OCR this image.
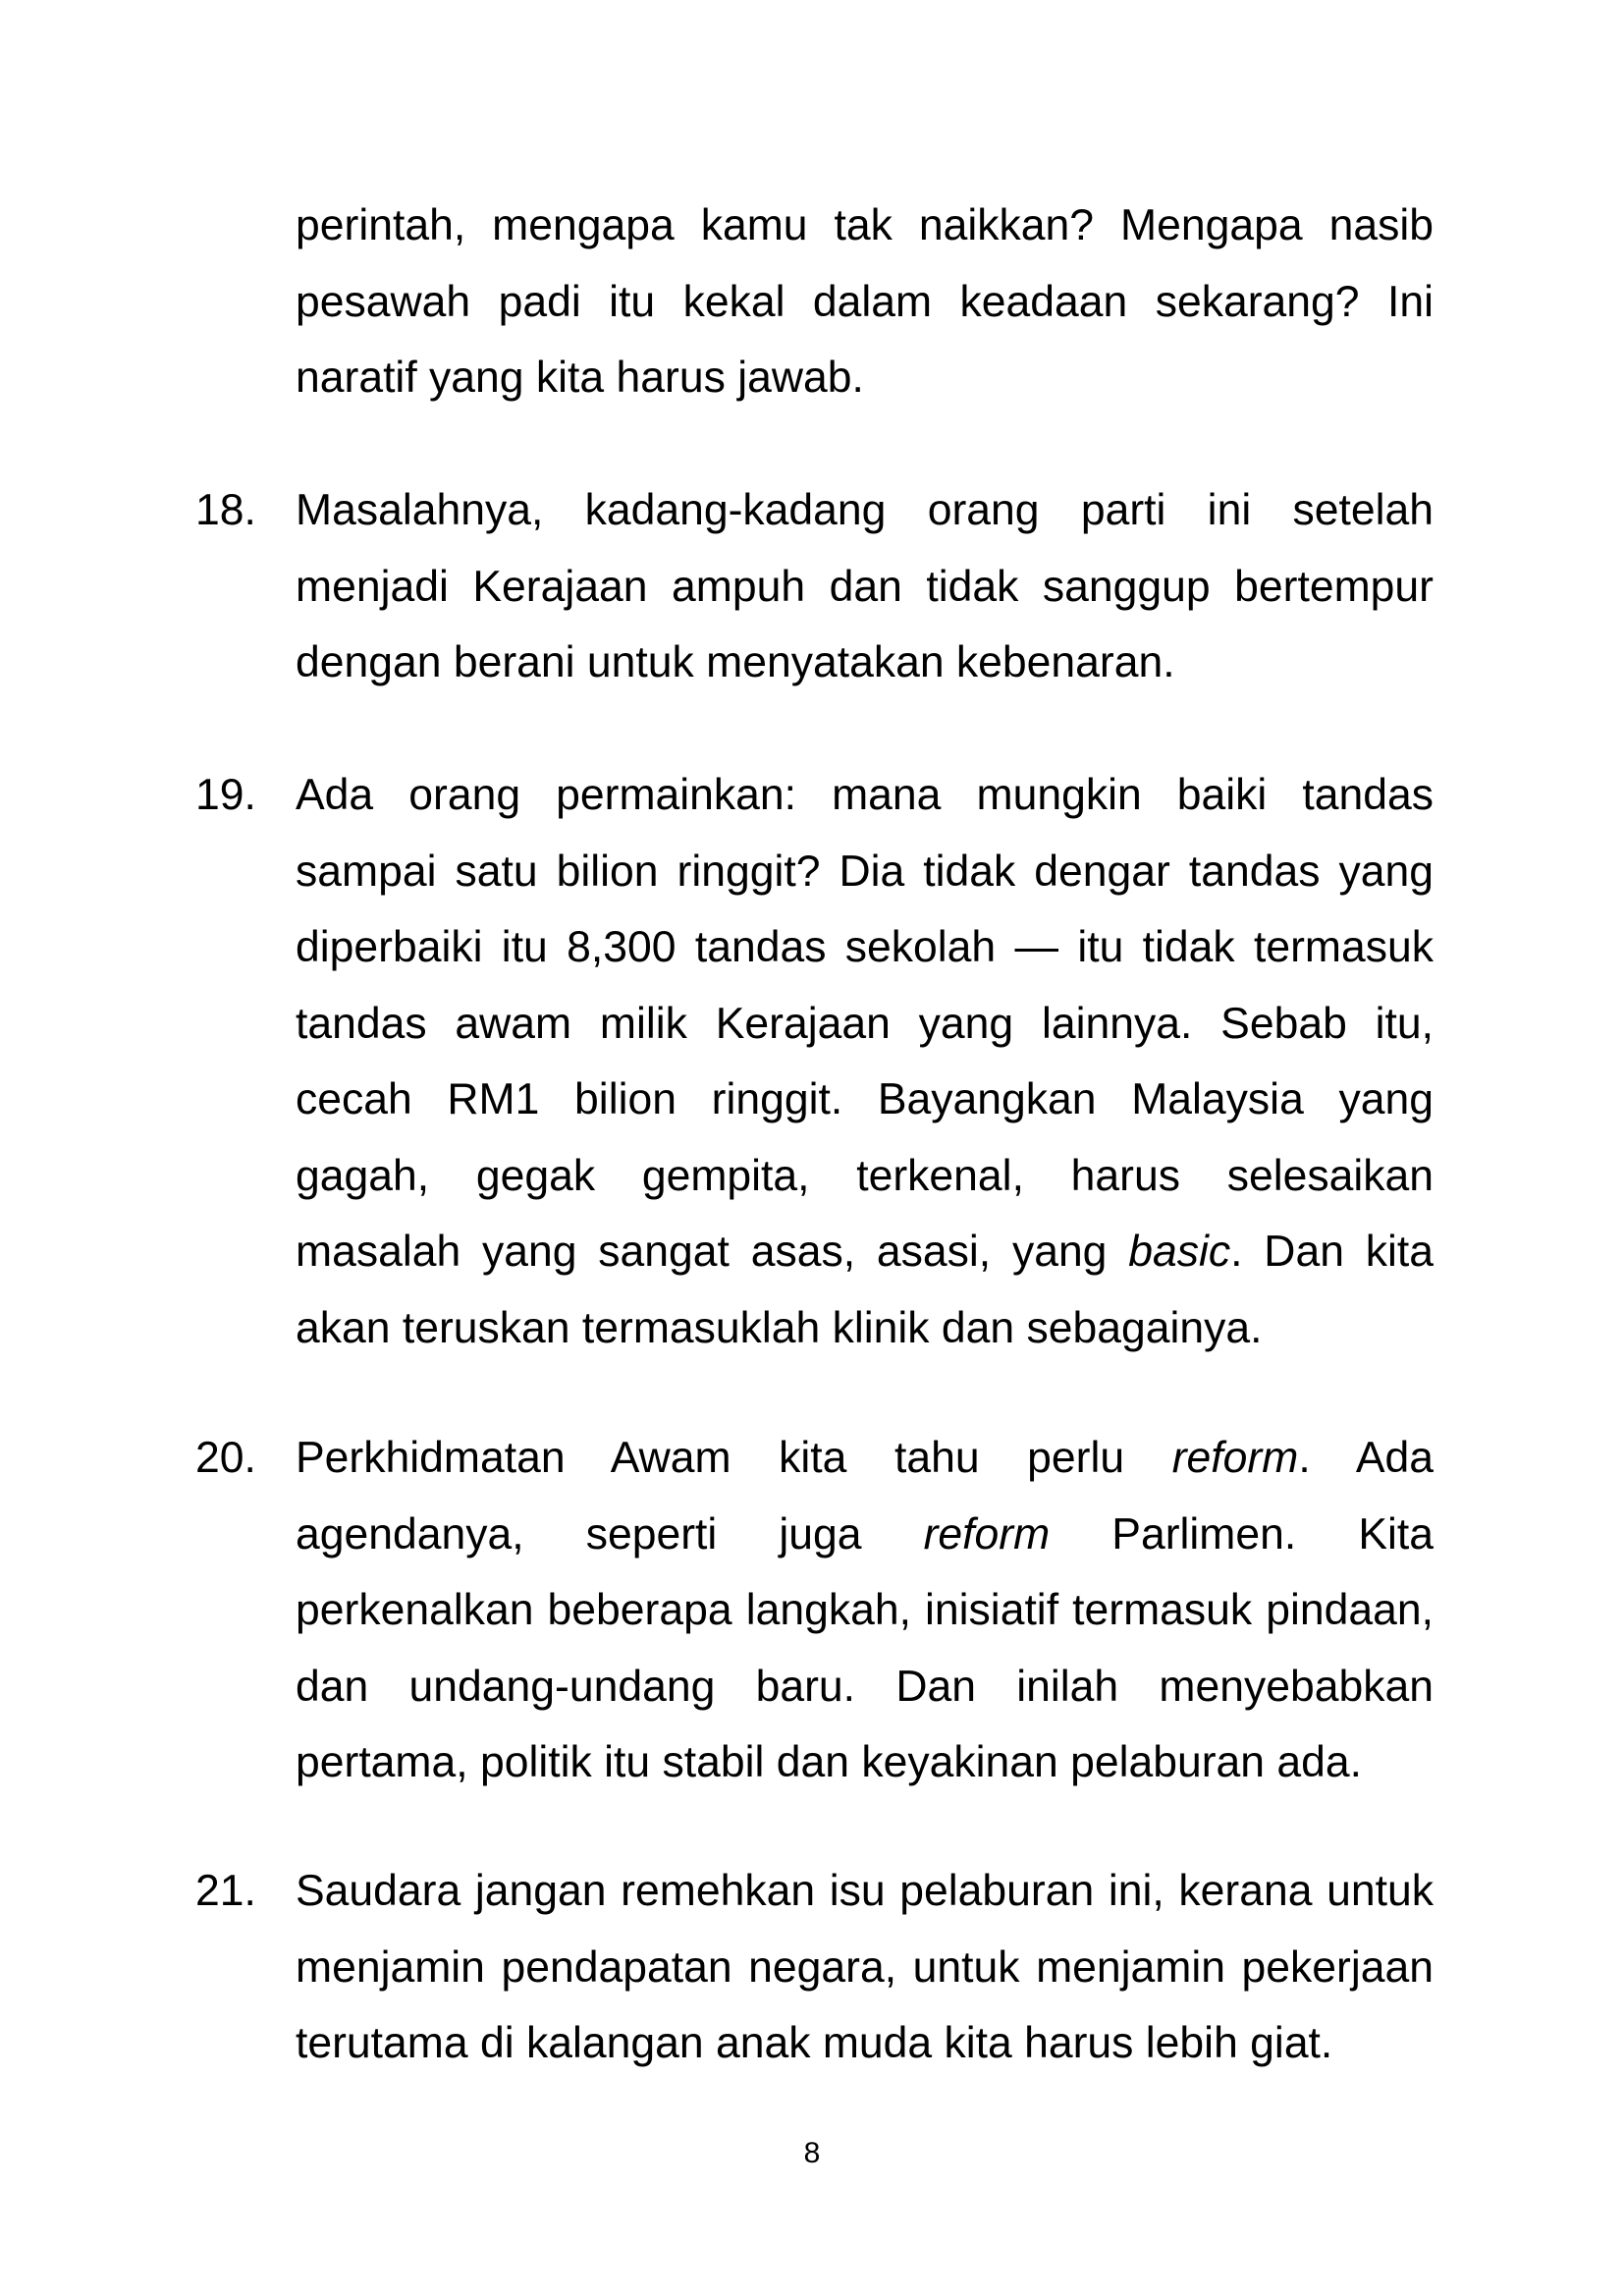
perintah, mengapa kamu tak naikkan? Mengapa nasib pesawah padi itu kekal dalam keadaan sekarang? Ini naratif yang kita harus jawab.
18. Masalahnya, kadang-kadang orang parti ini setelah menjadi Kerajaan ampuh dan tidak sanggup bertempur dengan berani untuk menyatakan kebenaran.
19. Ada orang permainkan: mana mungkin baiki tandas sampai satu bilion ringgit? Dia tidak dengar tandas yang diperbaiki itu 8,300 tandas sekolah — itu tidak termasuk tandas awam milik Kerajaan yang lainnya. Sebab itu, cecah RM1 bilion ringgit. Bayangkan Malaysia yang gagah, gegak gempita, terkenal, harus selesaikan masalah yang sangat asas, asasi, yang basic. Dan kita akan teruskan termasuklah klinik dan sebagainya.
20. Perkhidmatan Awam kita tahu perlu reform. Ada agendanya, seperti juga reform Parlimen. Kita perkenalkan beberapa langkah, inisiatif termasuk pindaan, dan undang-undang baru. Dan inilah menyebabkan pertama, politik itu stabil dan keyakinan pelaburan ada.
21. Saudara jangan remehkan isu pelaburan ini, kerana untuk menjamin pendapatan negara, untuk menjamin pekerjaan terutama di kalangan anak muda kita harus lebih giat.
8
